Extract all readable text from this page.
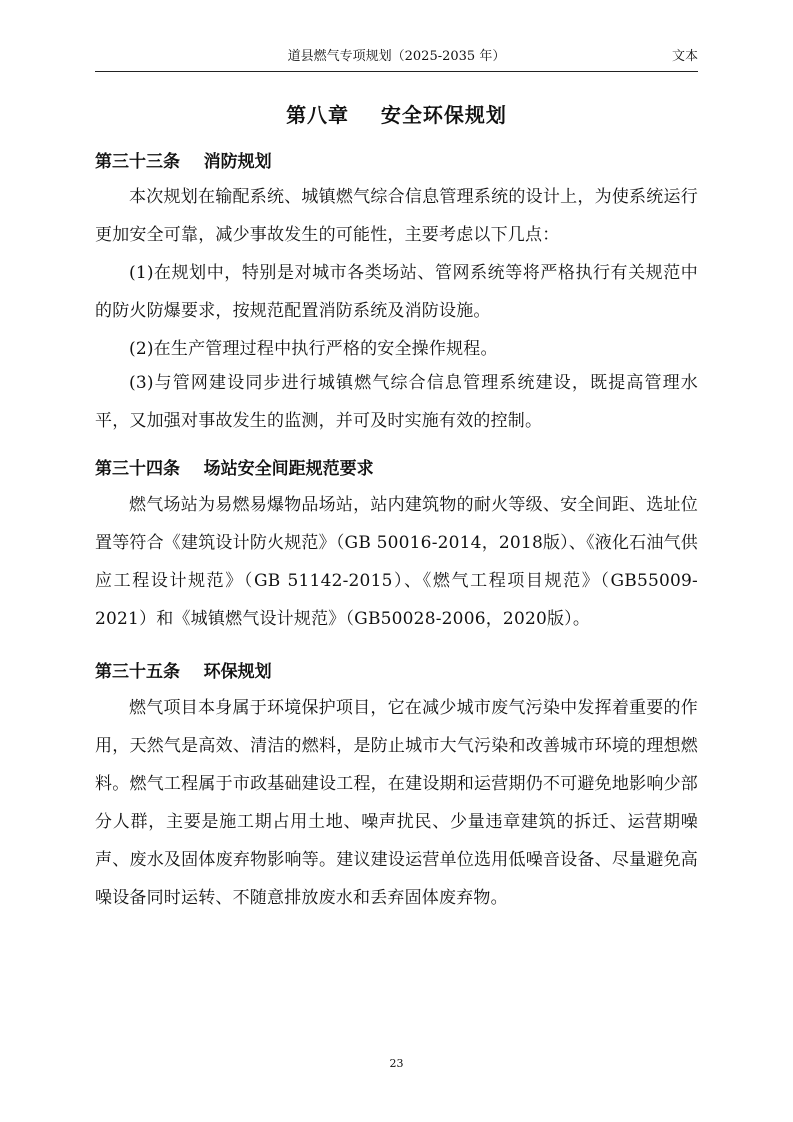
道县燃气专项规划（2025-2035 年）	文本
第八章    安全环保规划
第三十三条    消防规划

本次规划在输配系统、城镇燃气综合信息管理系统的设计上，为使系统运行更加安全可靠，减少事故发生的可能性，主要考虑以下几点：

(1)在规划中，特别是对城市各类场站、管网系统等将严格执行有关规范中的防火防爆要求，按规范配置消防系统及消防设施。

(2)在生产管理过程中执行严格的安全操作规程。

(3)与管网建设同步进行城镇燃气综合信息管理系统建设，既提高管理水平，又加强对事故发生的监测，并可及时实施有效的控制。

第三十四条    场站安全间距规范要求

燃气场站为易燃易爆物品场站，站内建筑物的耐火等级、安全间距、选址位置等符合《建筑设计防火规范》（GB 50016-2014，2018版）、《液化石油气供应工程设计规范》（GB 51142-2015）、《燃气工程项目规范》（GB55009-2021）和《城镇燃气设计规范》（GB50028-2006，2020版）。

第三十五条    环保规划

燃气项目本身属于环境保护项目，它在减少城市废气污染中发挥着重要的作用，天然气是高效、清洁的燃料，是防止城市大气污染和改善城市环境的理想燃料。燃气工程属于市政基础建设工程，在建设期和运营期仍不可避免地影响少部分人群，主要是施工期占用土地、噪声扰民、少量违章建筑的拆迁、运营期噪声、废水及固体废弃物影响等。建议建设运营单位选用低噪音设备、尽量避免高噪设备同时运转、不随意排放废水和丢弃固体废弃物。

23
